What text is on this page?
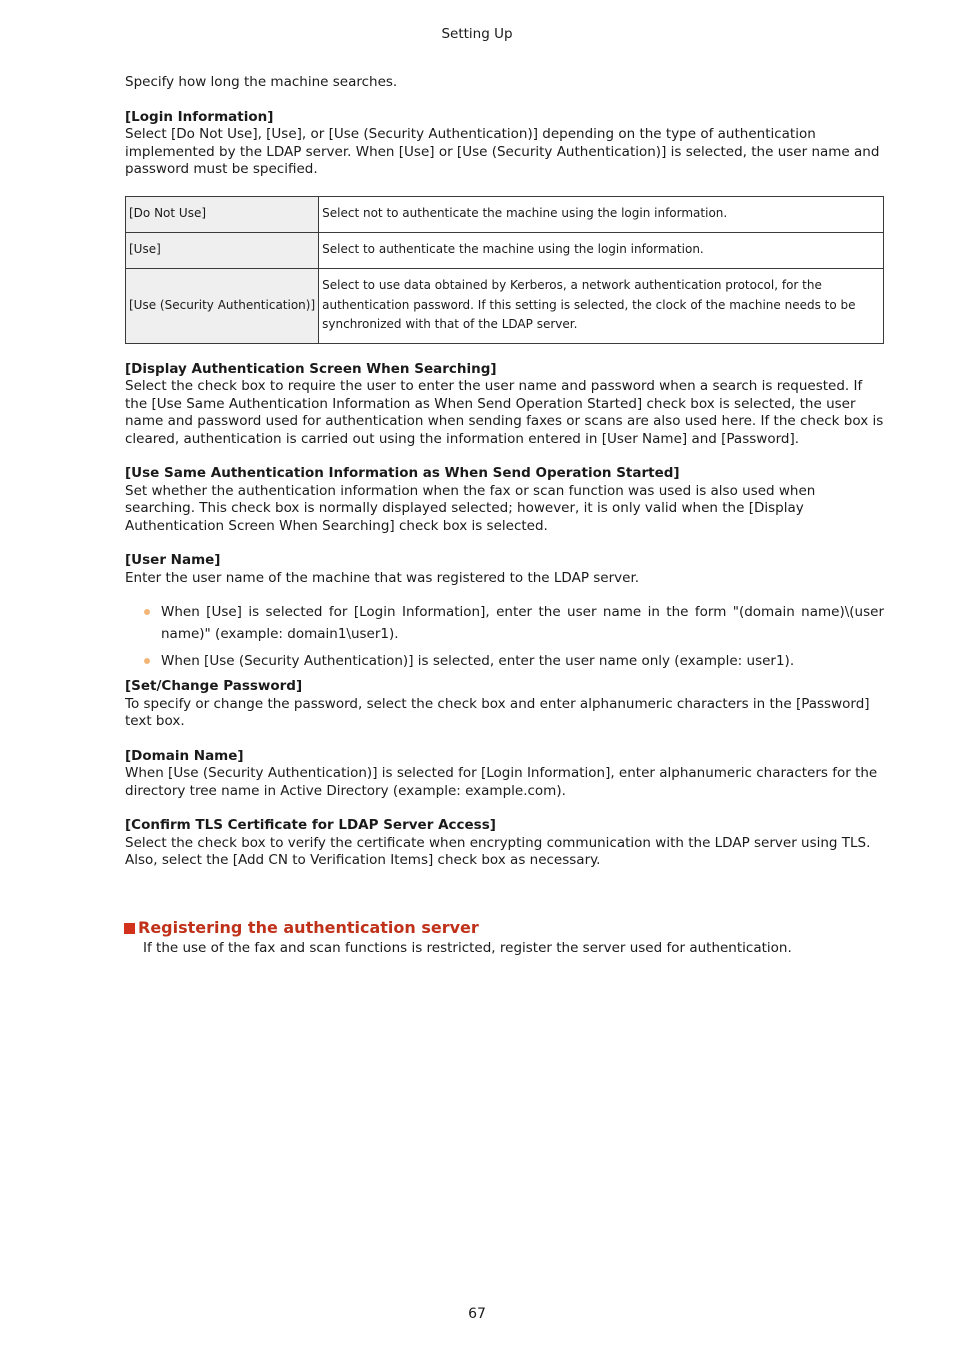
Setting Up

Specify how long the machine searches.

[Login Information]

Select [Do Not Use], [Use], or [Use (Security Authentication)] depending on the type of authentication implemented by the LDAP server. When [Use] or [Use (Security Authentication)] is selected, the user name and password must be specified.

[Do Not Use]	Select not to authenticate the machine using the login information.
[Use]	Select to authenticate the machine using the login information.
[Use (Security Authentication)]	Select to use data obtained by Kerberos, a network authentication protocol, for the authentication password. If this setting is selected, the clock of the machine needs to be synchronized with that of the LDAP server.

[Display Authentication Screen When Searching]

Select the check box to require the user to enter the user name and password when a search is requested. If the [Use Same Authentication Information as When Send Operation Started] check box is selected, the user name and password used for authentication when sending faxes or scans are also used here. If the check box is cleared, authentication is carried out using the information entered in [User Name] and [Password].

[Use Same Authentication Information as When Send Operation Started]

Set whether the authentication information when the fax or scan function was used is also used when searching. This check box is normally displayed selected; however, it is only valid when the [Display Authentication Screen When Searching] check box is selected.

[User Name]

Enter the user name of the machine that was registered to the LDAP server.

When [Use] is selected for [Login Information], enter the user name in the form "(domain name)\(user name)" (example: domain1\user1).
When [Use (Security Authentication)] is selected, enter the user name only (example: user1).

[Set/Change Password]

To specify or change the password, select the check box and enter alphanumeric characters in the [Password] text box.

[Domain Name]

When [Use (Security Authentication)] is selected for [Login Information], enter alphanumeric characters for the directory tree name in Active Directory (example: example.com).

[Confirm TLS Certificate for LDAP Server Access]

Select the check box to verify the certificate when encrypting communication with the LDAP server using TLS. Also, select the [Add CN to Verification Items] check box as necessary.

Registering the authentication server

If the use of the fax and scan functions is restricted, register the server used for authentication.

67
